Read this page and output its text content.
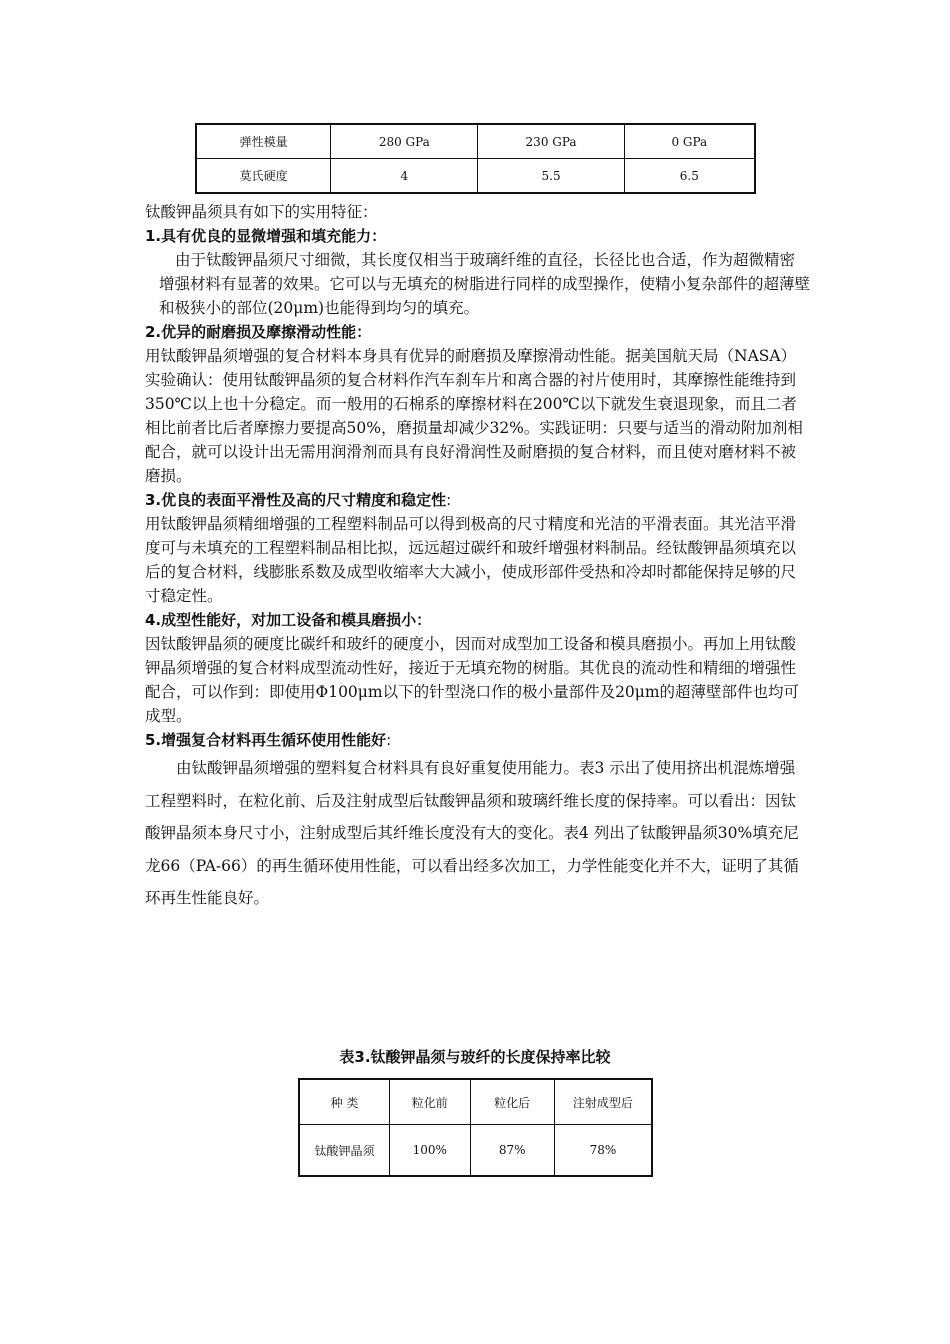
弹性模量	280 GPa	230 GPa	0 GPa
莫氏硬度	4	5.5	6.5

钛酸钾晶须具有如下的实用特征：

1.具有优良的显微增强和填充能力：

由于钛酸钾晶须尺寸细微，其长度仅相当于玻璃纤维的直径，长径比也合适，作为超微精密增强材料有显著的效果。它可以与无填充的树脂进行同样的成型操作，使精小复杂部件的超薄壁和极狭小的部位(20μm)也能得到均匀的填充。

2.优异的耐磨损及摩擦滑动性能：

用钛酸钾晶须增强的复合材料本身具有优异的耐磨损及摩擦滑动性能。据美国航天局（NASA）实验确认：使用钛酸钾晶须的复合材料作汽车刹车片和离合器的衬片使用时，其摩擦性能维持到350℃以上也十分稳定。而一般用的石棉系的摩擦材料在200℃以下就发生衰退现象，而且二者相比前者比后者摩擦力要提高50%，磨损量却减少32%。实践证明：只要与适当的滑动附加剂相配合，就可以设计出无需用润滑剂而具有良好滑润性及耐磨损的复合材料，而且使对磨材料不被磨损。

3.优良的表面平滑性及高的尺寸精度和稳定性:

用钛酸钾晶须精细增强的工程塑料制品可以得到极高的尺寸精度和光洁的平滑表面。其光洁平滑度可与未填充的工程塑料制品相比拟，远远超过碳纤和玻纤增强材料制品。经钛酸钾晶须填充以后的复合材料，线膨胀系数及成型收缩率大大减小，使成形部件受热和冷却时都能保持足够的尺寸稳定性。

4.成型性能好，对加工设备和模具磨损小：

因钛酸钾晶须的硬度比碳纤和玻纤的硬度小，因而对成型加工设备和模具磨损小。再加上用钛酸钾晶须增强的复合材料成型流动性好，接近于无填充物的树脂。其优良的流动性和精细的增强性配合，可以作到：即使用Φ100μm以下的针型浇口作的极小量部件及20μm的超薄壁部件也均可成型。

5.增强复合材料再生循环使用性能好:

由钛酸钾晶须增强的塑料复合材料具有良好重复使用能力。表3 示出了使用挤出机混炼增强工程塑料时，在粒化前、后及注射成型后钛酸钾晶须和玻璃纤维长度的保持率。可以看出：因钛酸钾晶须本身尺寸小，注射成型后其纤维长度没有大的变化。表4 列出了钛酸钾晶须30%填充尼龙66（PA-66）的再生循环使用性能，可以看出经多次加工，力学性能变化并不大，证明了其循环再生性能良好。

表3.钛酸钾晶须与玻纤的长度保持率比较
种 类	粒化前	粒化后	注射成型后
钛酸钾晶须	100%	87%	78%
